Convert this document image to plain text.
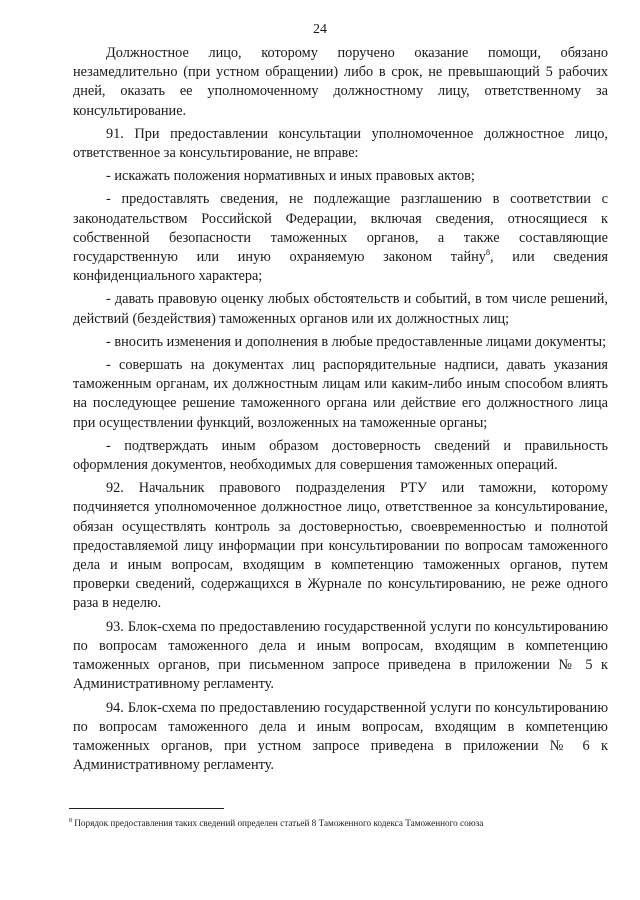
24

Должностное лицо, которому поручено оказание помощи, обязано незамедлительно (при устном обращении) либо в срок, не превышающий 5 рабочих дней, оказать ее уполномоченному должностному лицу, ответственному за консультирование.

91. При предоставлении консультации уполномоченное должностное лицо, ответственное за консультирование, не вправе:

- искажать положения нормативных и иных правовых актов;

- предоставлять сведения, не подлежащие разглашению в соответствии с законодательством Российской Федерации, включая сведения, относящиеся к собственной безопасности таможенных органов, а также составляющие государственную или иную охраняемую законом тайну$^8$, или сведения конфиденциального характера;

- давать правовую оценку любых обстоятельств и событий, в том числе решений, действий (бездействия) таможенных органов или их должностных лиц;

- вносить изменения и дополнения в любые предоставленные лицами документы;

- совершать на документах лиц распорядительные надписи, давать указания таможенным органам, их должностным лицам или каким-либо иным способом влиять на последующее решение таможенного органа или действие его должностного лица при осуществлении функций, возложенных на таможенные органы;

- подтверждать иным образом достоверность сведений и правильность оформления документов, необходимых для совершения таможенных операций.

92. Начальник правового подразделения РТУ или таможни, которому подчиняется уполномоченное должностное лицо, ответственное за консультирование, обязан осуществлять контроль за достоверностью, своевременностью и полнотой предоставляемой лицу информации при консультировании по вопросам таможенного дела и иным вопросам, входящим в компетенцию таможенных органов, путем проверки сведений, содержащихся в Журнале по консультированию, не реже одного раза в неделю.

93. Блок-схема по предоставлению государственной услуги по консультированию по вопросам таможенного дела и иным вопросам, входящим в компетенцию таможенных органов, при письменном запросе приведена в приложении № 5 к Административному регламенту.

94. Блок-схема по предоставлению государственной услуги по консультированию по вопросам таможенного дела и иным вопросам, входящим в компетенцию таможенных органов, при устном запросе приведена в приложении № 6 к Административному регламенту.

$^8$ Порядок предоставления таких сведений определен статьей 8 Таможенного кодекса Таможенного союза
